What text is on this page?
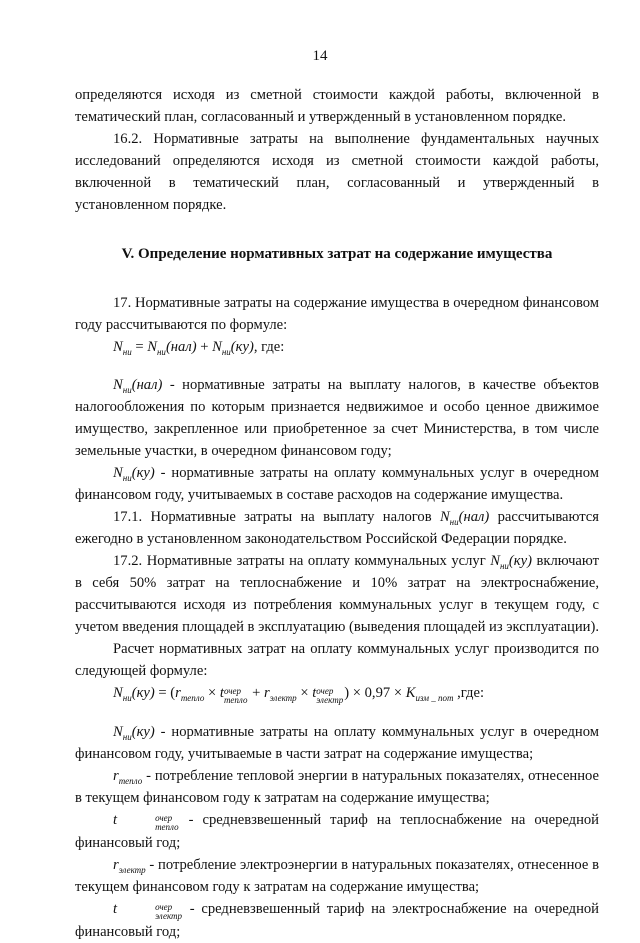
14

определяются исходя из сметной стоимости каждой работы, включенной в тематический план, согласованный и утвержденный в установленном порядке.

16.2. Нормативные затраты на выполнение фундаментальных научных исследований определяются исходя из сметной стоимости каждой работы, включенной в тематический план, согласованный и утвержденный в установленном порядке.

V. Определение нормативных затрат на содержание имущества

17. Нормативные затраты на содержание имущества в очередном финансовом году рассчитываются по формуле:

$N_{ни} = N_{ни}(нал) + N_{ни}(ку)$, где:

$N_{ни}(нал)$ - нормативные затраты на выплату налогов, в качестве объектов налогообложения по которым признается недвижимое и особо ценное движимое имущество, закрепленное или приобретенное за счет Министерства, в том числе земельные участки, в очередном финансовом году;

$N_{ни}(ку)$ - нормативные затраты на оплату коммунальных услуг в очередном финансовом году, учитываемых в составе расходов на содержание имущества.

17.1. Нормативные затраты на выплату налогов $N_{ни}(нал)$ рассчитываются ежегодно в установленном законодательством Российской Федерации порядке.

17.2. Нормативные затраты на оплату коммунальных услуг $N_{ни}(ку)$ включают в себя 50% затрат на теплоснабжение и 10% затрат на электроснабжение, рассчитываются исходя из потребления коммунальных услуг в текущем году, с учетом введения площадей в эксплуатацию (выведения площадей из эксплуатации).

Расчет нормативных затрат на оплату коммунальных услуг производится по следующей формуле:

$N_{ни}(ку) = (r_{тепло} \times t$ очер
тепло + $r_{электр} \times t$ очер
электр ) × $0,97 \times K_{изм \_ пот}$ ,где:

$N_{ни}(ку)$ - нормативные затраты на оплату коммунальных услуг в очередном финансовом году, учитываемые в части затрат на содержание имущества;

$r_{тепло}$ - потребление тепловой энергии в натуральных показателях, отнесенное в текущем финансовом году к затратам на содержание имущества;

t	очер
тепло - средневзвешенный тариф на теплоснабжение на очередной финансовый год;

$r_{электр}$ - потребление электроэнергии в натуральных показателях, отнесенное в текущем финансовом году к затратам на содержание имущества;

t	очер
электр - средневзвешенный тариф на электроснабжение на очередной финансовый год;
